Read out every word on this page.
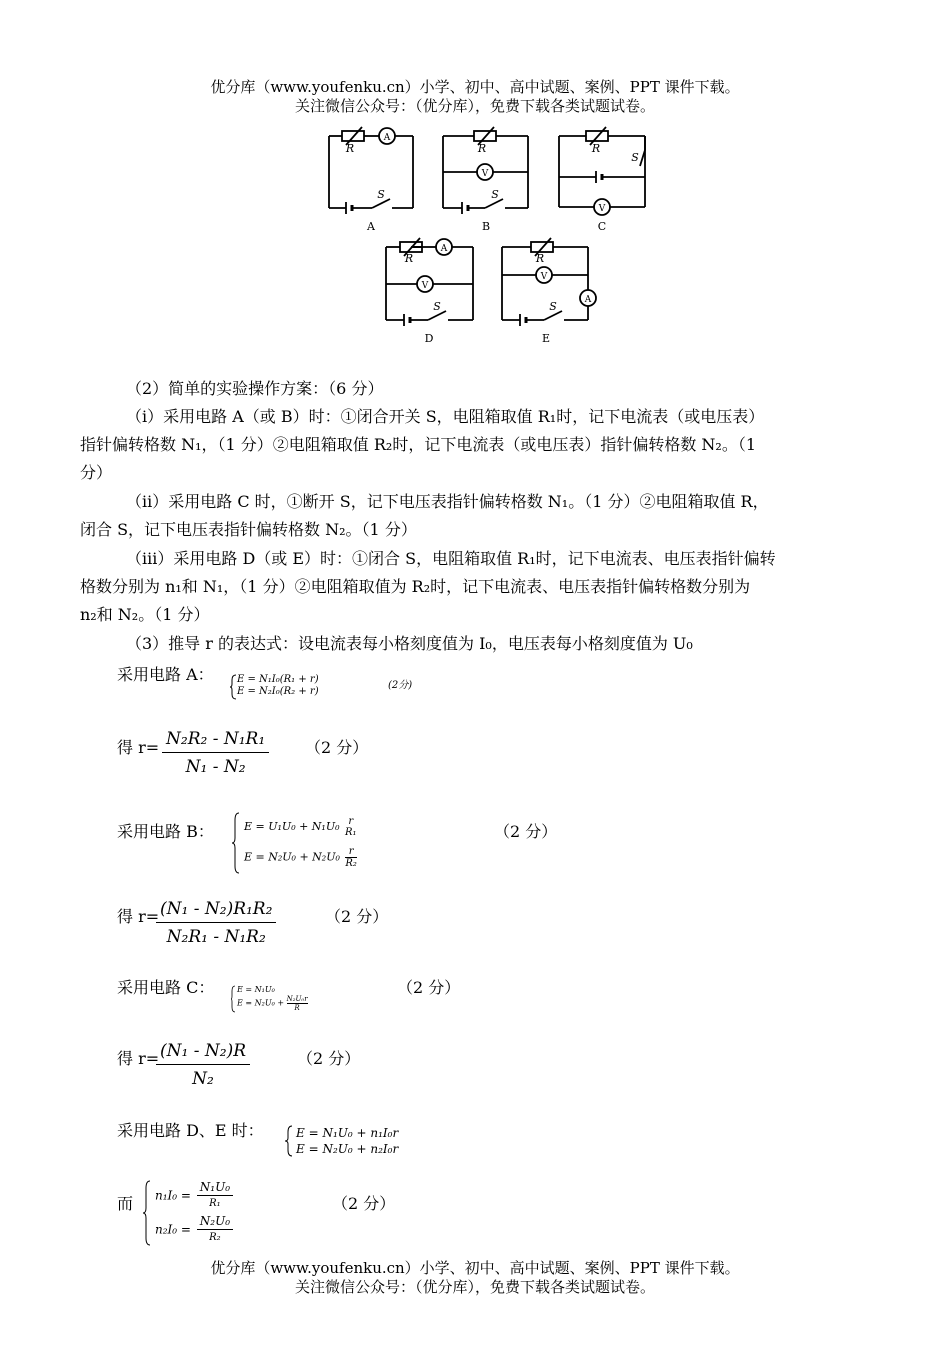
优分库（www.youfenku.cn）小学、初中、高中试题、案例、PPT 课件下载。
关注微信公众号：（优分库），免费下载各类试题试卷。
R	R	R
R	R
S	S
S
S	S
A
V
V
A
V
V
A
A	B	C
D	E
（2）简单的实验操作方案：（6 分）
（ⅰ）采用电路 A（或 B）时：①闭合开关 S，电阻箱取值 R₁时，记下电流表（或电压表）
指针偏转格数 N₁，（1 分）②电阻箱取值 R₂时，记下电流表（或电压表）指针偏转格数 N₂。（1
分）
（ⅱ）采用电路 C 时，①断开 S，记下电压表指针偏转格数 N₁。（1 分）②电阻箱取值 R，
闭合 S，记下电压表指针偏转格数 N₂。（1 分）
（ⅲ）采用电路 D（或 E）时：①闭合 S，电阻箱取值 R₁时，记下电流表、电压表指针偏转
格数分别为 n₁和 N₁，（1 分）②电阻箱取值为 R₂时，记下电流表、电压表指针偏转格数分别为
n₂和 N₂。（1 分）
（3）推导 r 的表达式：设电流表每小格刻度值为 I₀，电压表每小格刻度值为 U₀
采用电路 A： E = N₁I₀(R₁ + r)
E = N₂I₀(R₂ + r)
(2分)
得 $r= \frac{\text{N₂R₂ - N₁R₁}}{\text{N₁ - N₂}} (2$ 分）
采用电路 B：	E = U₁U₀ + N₁U₀ r
R₁
$E = N_2U_0 + N_2U_0 \frac{r}{\text{R₂}}$
（2 分）
得 r=
$\frac{\text{(N₁ - N₂)R₁R₂}}{\text{N₂R₁ - N₁R₂}}$	（2 分）
采用电路 C：	E = N₁U₀
$E = N_2U_0 + \frac{\text{N₂U₀r}}{R}$
（2 分）
得 r=
$\frac{\text{(N₁ - N₂)R}}{\text{N₂}}$	（2 分）
采用电路 D、E 时：	E = N₁U₀ + n₁I₀r
E = N₂U₀ + n₂I₀r
而 n₁I₀ =
N₁U₀
R₁
n₂I₀ =
N₂U₀
R₂
（2 分）
优分库（www.youfenku.cn）小学、初中、高中试题、案例、PPT 课件下载。
关注微信公众号：（优分库），免费下载各类试题试卷。
